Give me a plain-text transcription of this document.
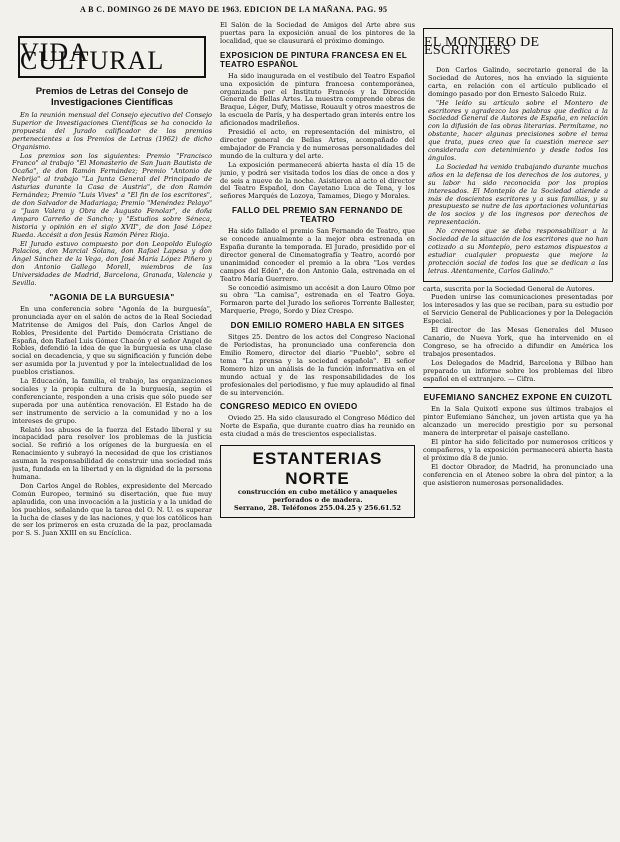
A B C. DOMINGO 26 DE MAYO DE 1963. EDICION DE LA MAÑANA. PAG. 95
VIDA CULTURAL
Premios de Letras del Consejo de Investigaciones Científicas

En la reunión mensual del Consejo ejecutivo del Consejo Superior de Investigaciones Científicas se ha conocido la propuesta del Jurado calificador de los premios pertenecientes a los Premios de Letras (1962) de dicho Organismo.

Los premios son los siguientes: Premio "Francisco Franco" al trabajo "El Monasterio de San Juan Bautista de Ocaña", de don Ramón Fernández; Premio "Antonio de Nebrija" al trabajo "La Junta General del Principado de Asturias durante la Casa de Austria", de don Ramón Fernández; Premio "Luis Vives" a "El fin de los escritores", de don Salvador de Madariaga; Premio "Menéndez Pelayo" a "Juan Valera y Obra de Augusto Fenolar", de doña Amparo Carreño de Sancho; y "Estudios sobre Séneca, historia y opinión en el siglo XVII", de don José López Rueda. Accésit a don Jesús Ramón Pérez Rioja.

El Jurado estuvo compuesto por don Leopoldo Eulogio Palacios, don Marcial Solana, don Rafael Lapesa y don Ángel Sánchez de la Vega, don José María López Piñero y don Antonio Gallego Morell, miembros de las Universidades de Madrid, Barcelona, Granada, Valencia y Sevilla.

"AGONIA DE LA BURGUESIA"

En una conferencia sobre "Agonía de la burguesía", pronunciada ayer en el salón de actos de la Real Sociedad Matritense de Amigos del País, don Carlos Ángel de Robles, Presidente del Partido Demócrata Cristiano de España, don Rafael Luis Gómez Chacón y el señor Angel de Robles, defendió la idea de que la burguesía es una clase social en decadencia, y que su significación y función debe ser asumida por la juventud y por la intelectualidad de los pueblos cristianos.

La Educación, la familia, el trabajo, las organizaciones sociales y la propia cultura de la burguesía, según el conferenciante, responden a una crisis que sólo puede ser superada por una auténtica renovación. El Estado ha de ser instrumento de servicio a la comunidad y no a los intereses de grupo.

Relató los abusos de la fuerza del Estado liberal y su incapacidad para resolver los problemas de la justicia social. Se refirió a los orígenes de la burguesía en el Renacimiento y subrayó la necesidad de que los cristianos asuman la responsabilidad de construir una sociedad más justa, fundada en la libertad y en la dignidad de la persona humana.

Don Carlos Angel de Robles, expresidente del Mercado Común Europeo, terminó su disertación, que fue muy aplaudida, con una invocación a la justicia y a la unidad de los pueblos, señalando que la tarea del O. N. U. es superar la lucha de clases y de las naciones, y que los católicos han de ser los primeros en esta cruzada de la paz, proclamada por S. S. Juan XXIII en su Encíclica.

El Salón de la Sociedad de Amigos del Arte abre sus puertas para la exposición anual de los pintores de la localidad, que se clausurará el próximo domingo.

EXPOSICION DE PINTURA FRANCESA EN EL TEATRO ESPAÑOL

Ha sido inaugurada en el vestíbulo del Teatro Español una exposición de pintura francesa contemporánea, organizada por el Instituto Francés y la Dirección General de Bellas Artes. La muestra comprende obras de Braque, Léger, Dufy, Matisse, Rouault y otros maestros de la escuela de París, y ha despertado gran interés entre los aficionados madrileños.

Presidió el acto, en representación del ministro, el director general de Bellas Artes, acompañado del embajador de Francia y de numerosas personalidades del mundo de la cultura y del arte.

La exposición permanecerá abierta hasta el día 15 de junio, y podrá ser visitada todos los días de once a dos y de seis a nueve de la noche. Asistieron al acto el director del Teatro Español, don Cayetano Luca de Tena, y los señores Marqués de Lozoya, Tamames, Diego y Morales.

FALLO DEL PREMIO SAN FERNANDO DE TEATRO

Ha sido fallado el premio San Fernando de Teatro, que se concede anualmente a la mejor obra estrenada en España durante la temporada. El Jurado, presidido por el director general de Cinematografía y Teatro, acordó por unanimidad conceder el premio a la obra "Los verdes campos del Edén", de don Antonio Gala, estrenada en el Teatro María Guerrero.

Se concedió asimismo un accésit a don Lauro Olmo por su obra "La camisa", estrenada en el Teatro Goya. Formaron parte del Jurado los señores Torrente Ballester, Marquerie, Prego, Sordo y Díez Crespo.

DON EMILIO ROMERO HABLA EN SITGES

Sitges 25. Dentro de los actos del Congreso Nacional de Periodistas, ha pronunciado una conferencia don Emilio Romero, director del diario "Pueblo", sobre el tema "La prensa y la sociedad española". El señor Romero hizo un análisis de la función informativa en el mundo actual y de las responsabilidades de los profesionales del periodismo, y fue muy aplaudido al final de su intervención.

CONGRESO MEDICO EN OVIEDO

Oviedo 25. Ha sido clausurado el Congreso Médico del Norte de España, que durante cuatro días ha reunido en esta ciudad a más de trescientos especialistas.

ESTANTERIAS NORTE
construcción en cubo metálico y anaqueles perforados o de madera.
Serrano, 28. Teléfonos 255.04.25 y 256.61.52
EL MONTERO DE ESCRITORES

Don Carlos Galindo, secretario general de la Sociedad de Autores, nos ha enviado la siguiente carta, en relación con el artículo publicado el domingo pasado por don Ernesto Salcedo Ruiz.

"He leído su artículo sobre el Montero de escritores y agradezco las palabras que dedica a la Sociedad General de Autores de España, en relación con la difusión de las obras literarias. Permítame, no obstante, hacer algunas precisiones sobre el tema que trata, pues creo que la cuestión merece ser considerada con detenimiento y desde todos los ángulos.

La Sociedad ha venido trabajando durante muchos años en la defensa de los derechos de los autores, y su labor ha sido reconocida por los propios interesados. El Montepío de la Sociedad atiende a más de doscientos escritores y a sus familias, y su presupuesto se nutre de las aportaciones voluntarias de los socios y de los ingresos por derechos de representación.

No creemos que se deba responsabilizar a la Sociedad de la situación de los escritores que no han cotizado a su Montepío, pero estamos dispuestos a estudiar cualquier propuesta que mejore la protección social de todos los que se dedican a las letras. Atentamente, Carlos Galindo."

carta, suscrita por la Sociedad General de Autores.

Pueden unirse las comunicaciones presentadas por los interesados y las que se reciban, para su estudio por el Servicio General de Publicaciones y por la Delegación Especial.

El director de las Mesas Generales del Museo Canario, de Nueva York, que ha intervenido en el Congreso, se ha ofrecido a difundir en América los trabajos presentados.

Los Delegados de Madrid, Barcelona y Bilbao han preparado un informe sobre los problemas del libro español en el extranjero. — Cifra.

EUFEMIANO SANCHEZ EXPONE EN CUIZOTL

En la Sala Quixotl expone sus últimos trabajos el pintor Eufemiano Sánchez, un joven artista que ya ha alcanzado un merecido prestigio por su personal manera de interpretar el paisaje castellano.

El pintor ha sido felicitado por numerosos críticos y compañeros, y la exposición permanecerá abierta hasta el próximo día 8 de junio.

El doctor Obrador, de Madrid, ha pronunciado una conferencia en el Ateneo sobre la obra del pintor, a la que asistieron numerosas personalidades.
